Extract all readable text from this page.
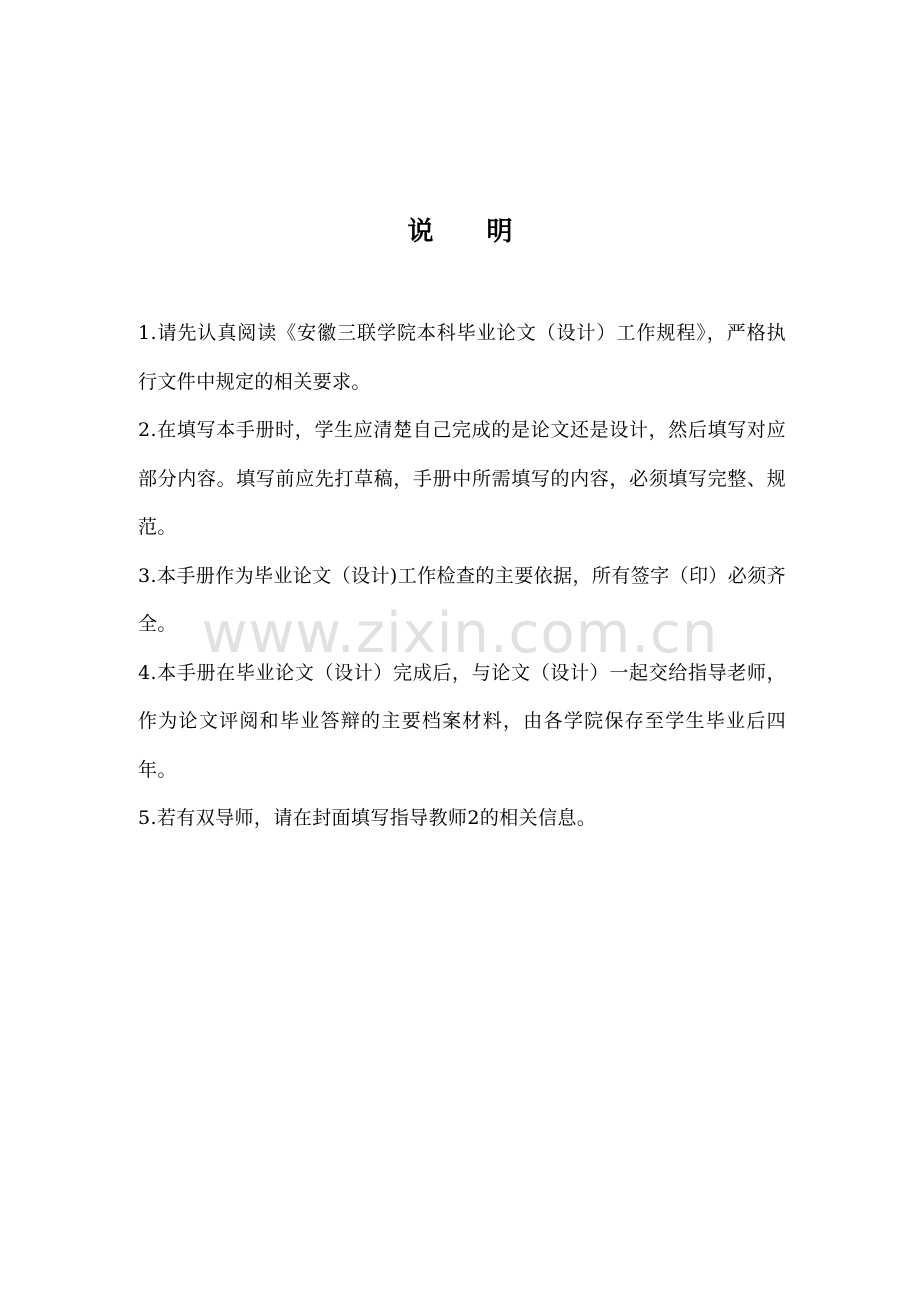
说 明

1.请先认真阅读《安徽三联学院本科毕业论文（设计）工作规程》，严格执行文件中规定的相关要求。

2.在填写本手册时，学生应清楚自己完成的是论文还是设计，然后填写对应部分内容。填写前应先打草稿，手册中所需填写的内容，必须填写完整、规范。

3.本手册作为毕业论文（设计)工作检查的主要依据，所有签字（印）必须齐全。

4.本手册在毕业论文（设计）完成后，与论文（设计）一起交给指导老师，作为论文评阅和毕业答辩的主要档案材料，由各学院保存至学生毕业后四年。

5.若有双导师，请在封面填写指导教师2的相关信息。

www.zixin.com.cn
